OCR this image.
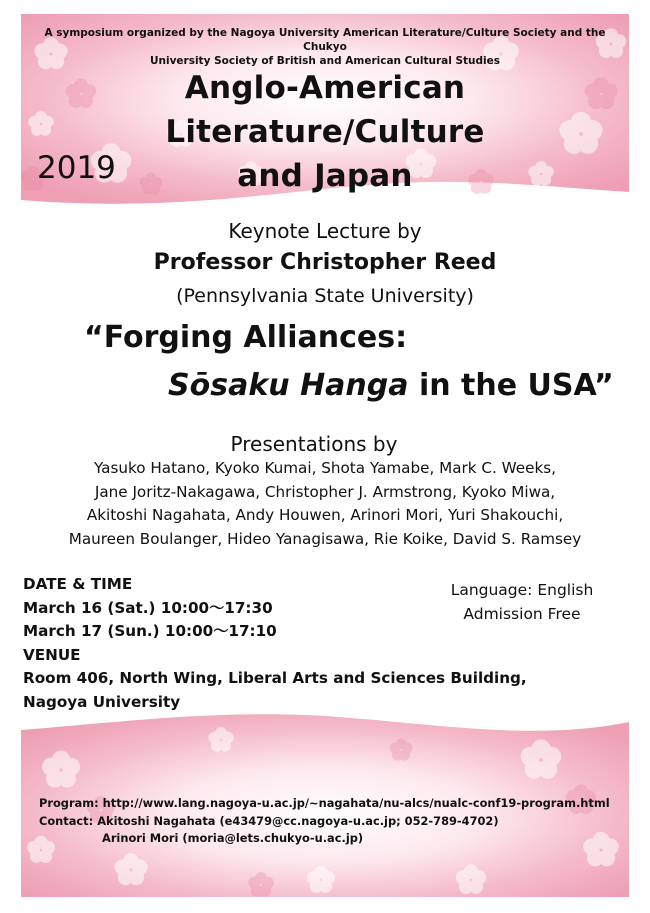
A symposium organized by the Nagoya University American Literature/Culture Society and the Chukyo
University Society of British and American Cultural Studies
Anglo-American Literature/Culture
and Japan
2019
Keynote Lecture by
Professor Christopher Reed
(Pennsylvania State University)
“Forging Alliances:
Sōsaku Hanga in the USA”
Presentations by
Yasuko Hatano, Kyoko Kumai, Shota Yamabe, Mark C. Weeks,
Jane Joritz-Nakagawa, Christopher J. Armstrong, Kyoko Miwa,
Akitoshi Nagahata, Andy Houwen, Arinori Mori, Yuri Shakouchi,
Maureen Boulanger, Hideo Yanagisawa, Rie Koike, David S. Ramsey
DATE & TIME
March 16 (Sat.) 10:00〜17:30
March 17 (Sun.) 10:00〜17:10
VENUE
Room 406, North Wing, Liberal Arts and Sciences Building, Nagoya University
Language: English
Admission Free
Program: http://www.lang.nagoya-u.ac.jp/~nagahata/nu-alcs/nualc-conf19-program.html
Contact: Akitoshi Nagahata (e43479@cc.nagoya-u.ac.jp; 052-789-4702)
Arinori Mori (moria@lets.chukyo-u.ac.jp)
